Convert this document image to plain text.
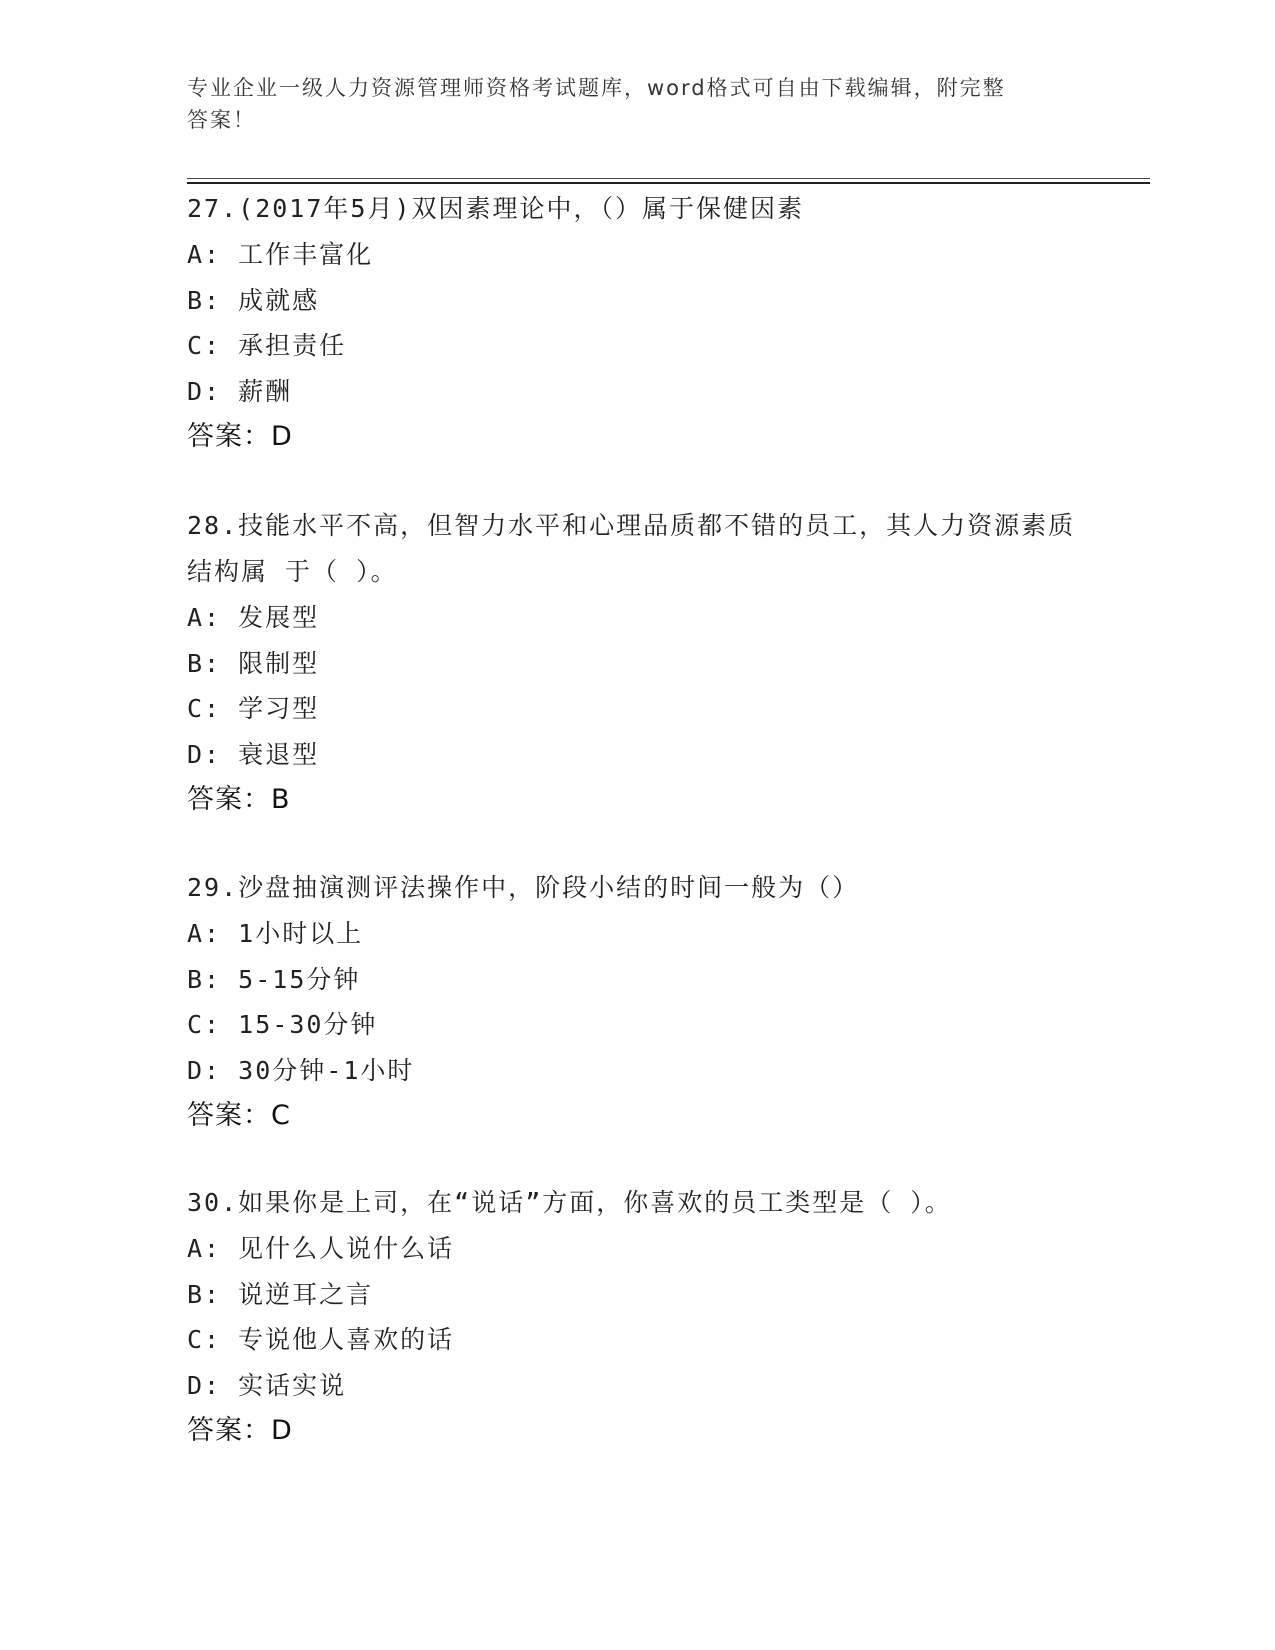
专业企业一级人力资源管理师资格考试题库，word格式可自由下载编辑，附完整
答案！

27.(2017年5月)双因素理论中，（）属于保健因素

A: 工作丰富化

B: 成就感

C: 承担责任

D: 薪酬

答案：D

28.技能水平不高，但智力水平和心理品质都不错的员工，其人力资源素质结构属 于（ ）。

A: 发展型

B: 限制型

C: 学习型

D: 衰退型

答案：B

29.沙盘抽演测评法操作中，阶段小结的时间一般为（）

A: 1小时以上

B: 5-15分钟

C: 15-30分钟

D: 30分钟-1小时

答案：C

30.如果你是上司，在“说话”方面，你喜欢的员工类型是（ ）。

A: 见什么人说什么话

B: 说逆耳之言

C: 专说他人喜欢的话

D: 实话实说

答案：D
